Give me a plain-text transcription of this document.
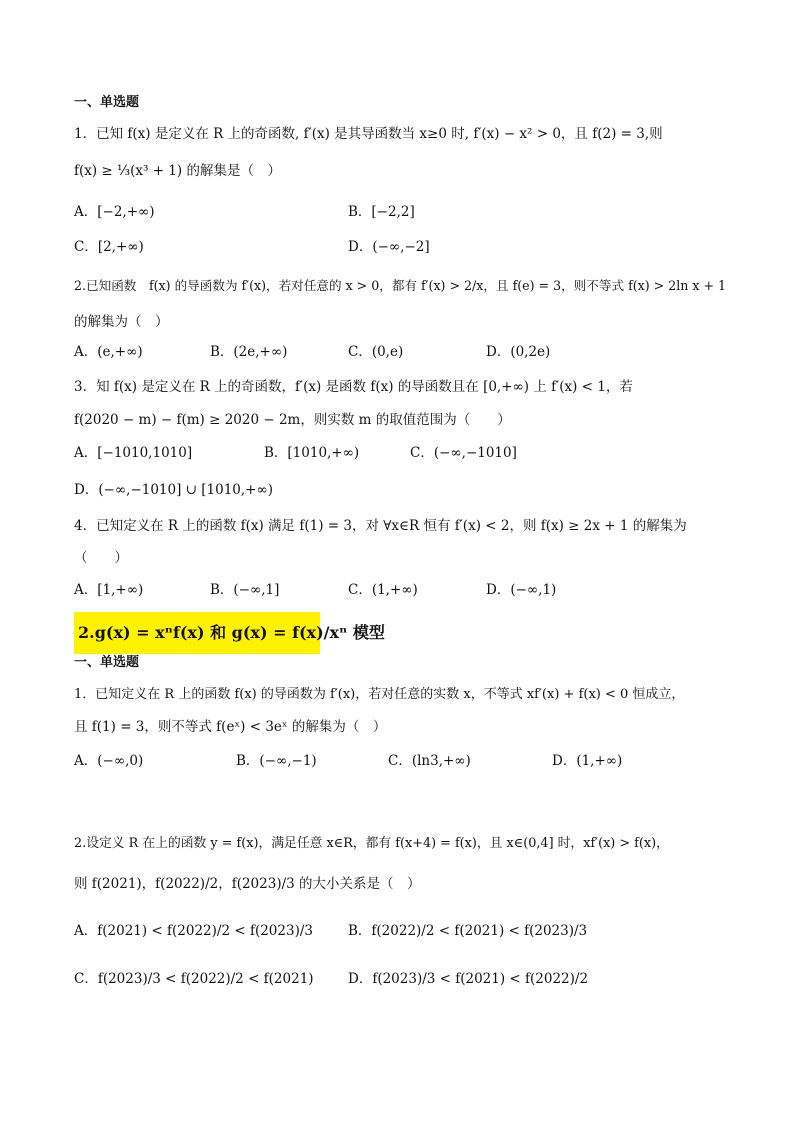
一、单选题
1．已知 f(x) 是定义在 R 上的奇函数, f′(x) 是其导函数当 x≥0 时, f′(x) − x² > 0，且 f(2) = 3,则
f(x) ≥ ⅓(x³ + 1) 的解集是（　）
A．[−2,+∞)	B．[−2,2]
C．[2,+∞)	D．(−∞,−2]
2.已知函数　f(x) 的导函数为 f′(x)，若对任意的 x > 0，都有 f′(x) > 2/x，且 f(e) = 3，则不等式 f(x) > 2ln x + 1
的解集为（　）
A．(e,+∞)	B．(2e,+∞)	C．(0,e)	D．(0,2e)
3．知 f(x) 是定义在 R 上的奇函数，f′(x) 是函数 f(x) 的导函数且在 [0,+∞) 上 f′(x) < 1，若
f(2020 − m) − f(m) ≥ 2020 − 2m，则实数 m 的取值范围为（　　）
A．[−1010,1010]	B．[1010,+∞)	C．(−∞,−1010]
D．(−∞,−1010] ∪ [1010,+∞)
4．已知定义在 R 上的函数 f(x) 满足 f(1) = 3，对 ∀x∈R 恒有 f′(x) < 2，则 f(x) ≥ 2x + 1 的解集为
（　　）
A．[1,+∞)	B．(−∞,1]	C．(1,+∞)	D．(−∞,1)
2.g(x) = xⁿf(x) 和 g(x) = f(x)/xⁿ 模型
一、单选题
1．已知定义在 R 上的函数 f(x) 的导函数为 f′(x)，若对任意的实数 x，不等式 xf′(x) + f(x) < 0 恒成立，
且 f(1) = 3，则不等式 f(eˣ) < 3eˣ 的解集为（　）
A．(−∞,0)	B．(−∞,−1)	C．(ln3,+∞)	D．(1,+∞)
2.设定义 R 在上的函数 y = f(x)，满足任意 x∈R，都有 f(x+4) = f(x)，且 x∈(0,4] 时，xf′(x) > f(x)，
则 f(2021)，f(2022)/2，f(2023)/3 的大小关系是（　）
A．f(2021) < f(2022)/2 < f(2023)/3	B．f(2022)/2 < f(2021) < f(2023)/3
C．f(2023)/3 < f(2022)/2 < f(2021)	D．f(2023)/3 < f(2021) < f(2022)/2
